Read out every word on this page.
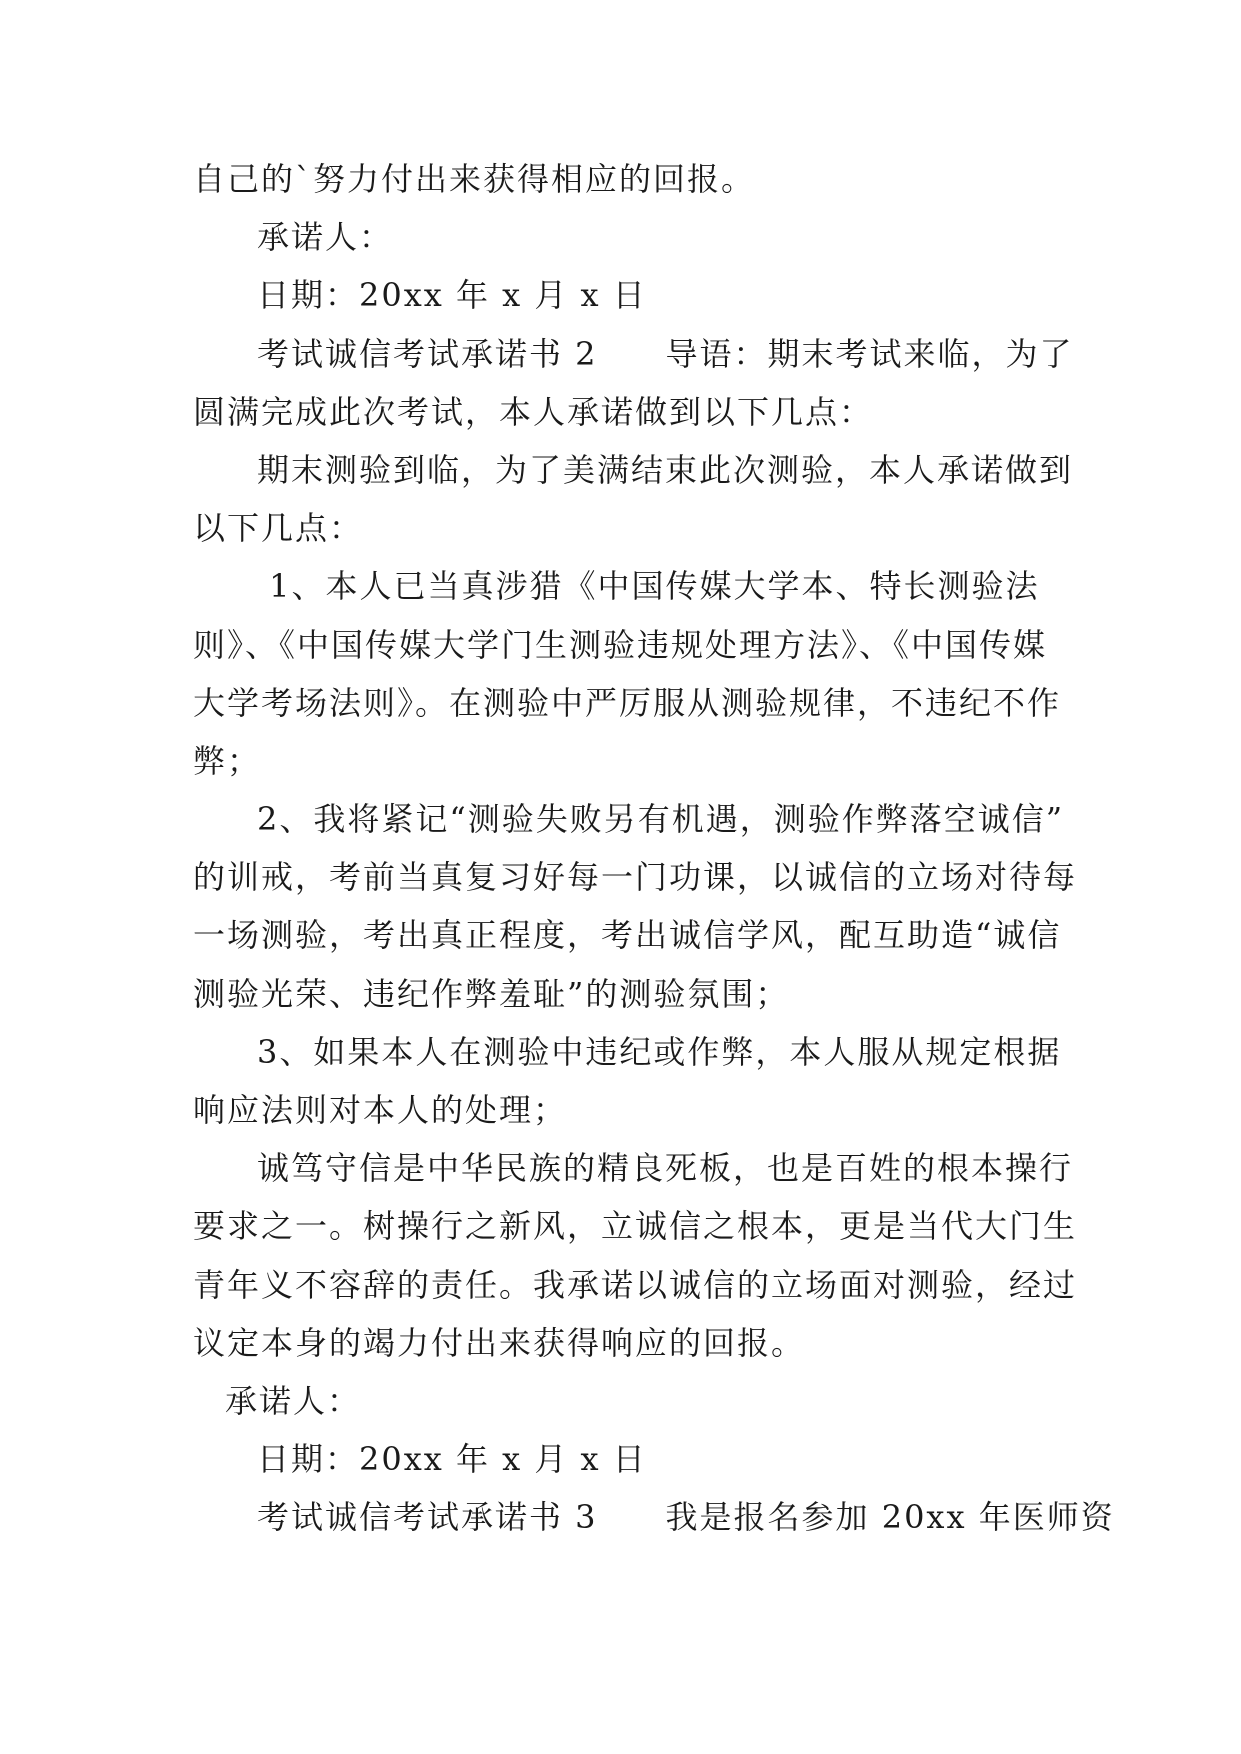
自己的`努力付出来获得相应的回报。
承诺人：
日期：20xx 年 x 月 x 日
考试诚信考试承诺书 2　　导语：期末考试来临，为了
圆满完成此次考试，本人承诺做到以下几点：
期末测验到临，为了美满结束此次测验，本人承诺做到
以下几点：
1、本人已当真涉猎《中国传媒大学本、特长测验法
则》、《中国传媒大学门生测验违规处理方法》、《中国传媒
大学考场法则》。在测验中严厉服从测验规律，不违纪不作
弊；
2、我将紧记“测验失败另有机遇，测验作弊落空诚信”
的训戒，考前当真复习好每一门功课，以诚信的立场对待每
一场测验，考出真正程度，考出诚信学风，配互助造“诚信
测验光荣、违纪作弊羞耻”的测验氛围；
3、如果本人在测验中违纪或作弊，本人服从规定根据
响应法则对本人的处理；
诚笃守信是中华民族的精良死板，也是百姓的根本操行
要求之一。树操行之新风，立诚信之根本，更是当代大门生
青年义不容辞的责任。我承诺以诚信的立场面对测验，经过
议定本身的竭力付出来获得响应的回报。
承诺人：
日期：20xx 年 x 月 x 日
考试诚信考试承诺书 3　　我是报名参加 20xx 年医师资
